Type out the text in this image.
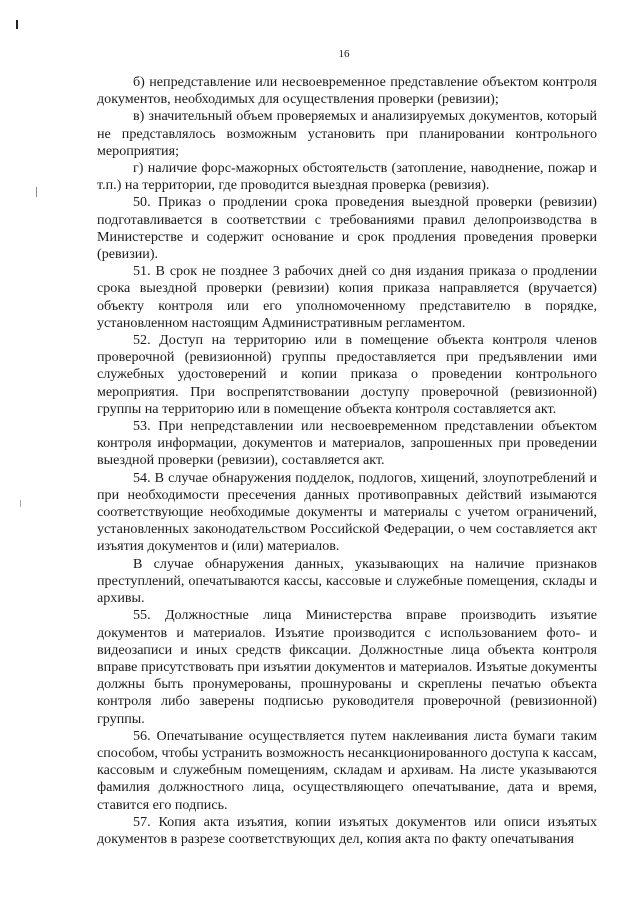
16

б) непредставление или несвоевременное представление объектом контроля документов, необходимых для осуществления проверки (ревизии);

в) значительный объем проверяемых и анализируемых документов, который не представлялось возможным установить при планировании контрольного мероприятия;

г) наличие форс-мажорных обстоятельств (затопление, наводнение, пожар и т.п.) на территории, где проводится выездная проверка (ревизия).

50. Приказ о продлении срока проведения выездной проверки (ревизии) подготавливается в соответствии с требованиями правил делопроизводства в Министерстве и содержит основание и срок продления проведения проверки (ревизии).

51. В срок не позднее 3 рабочих дней со дня издания приказа о продлении срока выездной проверки (ревизии) копия приказа направляется (вручается) объекту контроля или его уполномоченному представителю в порядке, установленном настоящим Административным регламентом.

52. Доступ на территорию или в помещение объекта контроля членов проверочной (ревизионной) группы предоставляется при предъявлении ими служебных удостоверений и копии приказа о проведении контрольного мероприятия. При воспрепятствовании доступу проверочной (ревизионной) группы на территорию или в помещение объекта контроля составляется акт.

53. При непредставлении или несвоевременном представлении объектом контроля информации, документов и материалов, запрошенных при проведении выездной проверки (ревизии), составляется акт.

54. В случае обнаружения подделок, подлогов, хищений, злоупотреблений и при необходимости пресечения данных противоправных действий изымаются соответствующие необходимые документы и материалы с учетом ограничений, установленных законодательством Российской Федерации, о чем составляется акт изъятия документов и (или) материалов.

В случае обнаружения данных, указывающих на наличие признаков преступлений, опечатываются кассы, кассовые и служебные помещения, склады и архивы.

55. Должностные лица Министерства вправе производить изъятие документов и материалов. Изъятие производится с использованием фото- и видеозаписи и иных средств фиксации. Должностные лица объекта контроля вправе присутствовать при изъятии документов и материалов. Изъятые документы должны быть пронумерованы, прошнурованы и скреплены печатью объекта контроля либо заверены подписью руководителя проверочной (ревизионной) группы.

56. Опечатывание осуществляется путем наклеивания листа бумаги таким способом, чтобы устранить возможность несанкционированного доступа к кассам, кассовым и служебным помещениям, складам и архивам. На листе указываются фамилия должностного лица, осуществляющего опечатывание, дата и время, ставится его подпись.

57. Копия акта изъятия, копии изъятых документов или описи изъятых документов в разрезе соответствующих дел, копия акта по факту опечатывания
